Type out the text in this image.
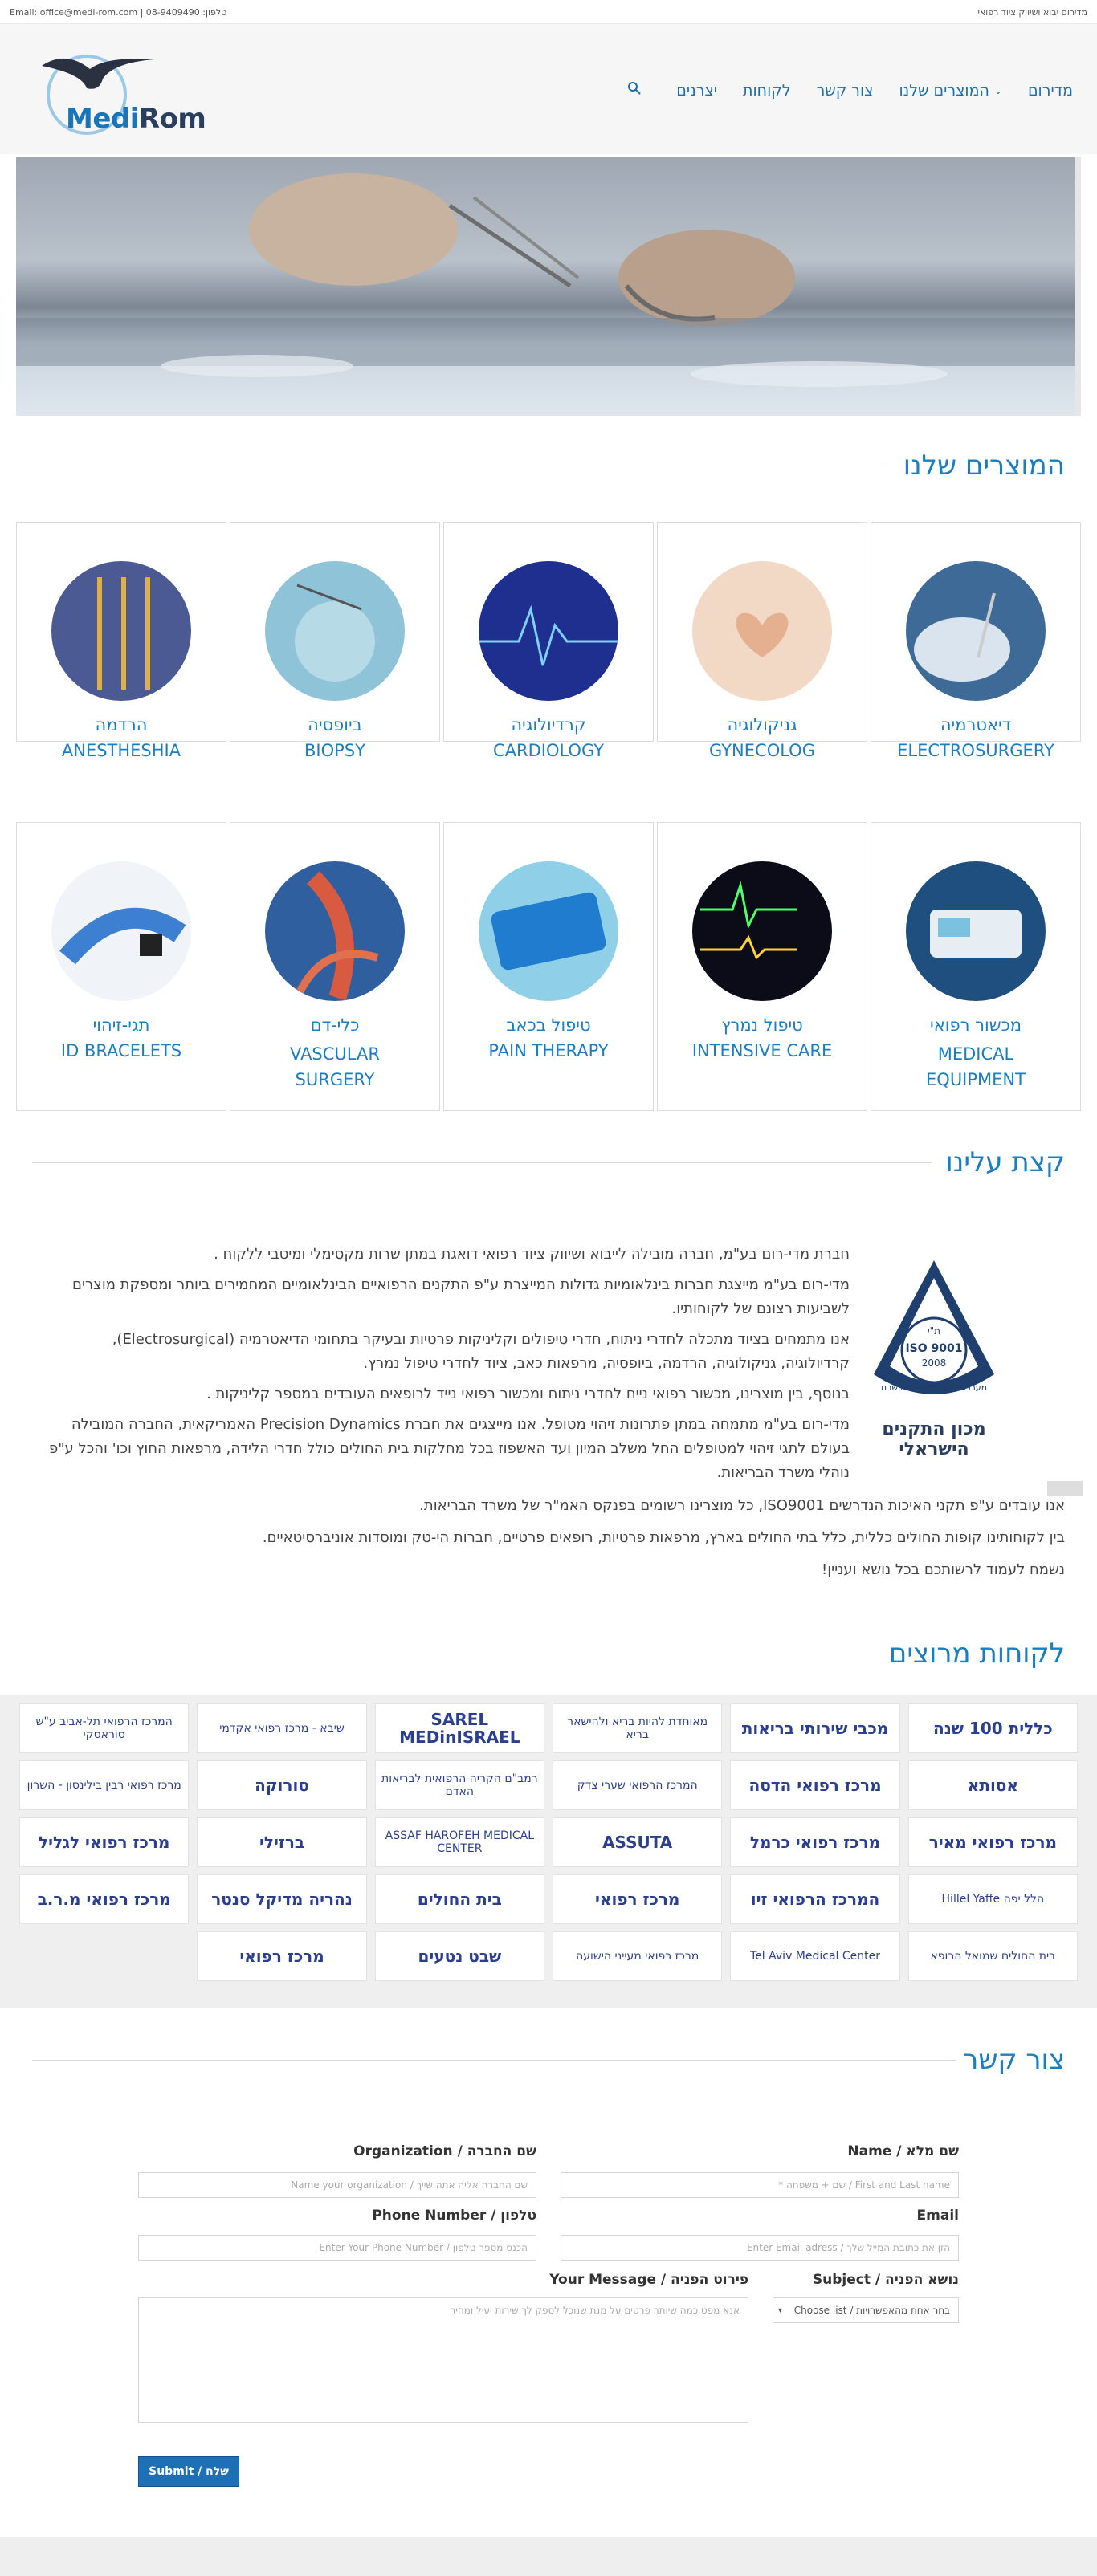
Email: office@medi-rom.com | 08-9409490 :טלפון	מדירום יבוא ושיווק ציוד רפואי
MediRom
מדירום
המוצרים שלנו ⌄
צור קשר
לקוחות
יצרנים
המוצרים שלנו
דיאטרמיה
ELECTROSURGERY
גניקולוגיה
GYNECOLOG
קרדיולוגיה
CARDIOLOGY
ביופסיה
BIOPSY
הרדמה
ANESTHESHIA
מכשור רפואי
MEDICAL EQUIPMENT
טיפול נמרץ
INTENSIVE CARE
טיפול בכאב
PAIN THERAPY
כלי-דם
VASCULAR SURGERY
תגי-זיהוי
ID BRACELETS
קצת עלינו

חברת מדי-רום בע"מ, חברה מובילה לייבוא ושיווק ציוד רפואי דואגת במתן שרות מקסימלי ומיטבי ללקוח .

מדי-רום בע"מ מייצגת חברות בינלאומיות גדולות המייצרת ע"פ התקנים הרפואיים הבינלאומיים המחמירים ביותר ומספקת מוצרים לשביעות רצונם של לקוחותיו.

אנו מתמחים בציוד מתכלה לחדרי ניתוח, חדרי טיפולים וקליניקות פרטיות ובעיקר בתחומי הדיאטרמיה (Electrosurgical), קרדיולוגיה, גניקולוגיה, הרדמה, ביופסיה, מרפאות כאב, ציוד לחדרי טיפול נמרץ.

בנוסף, בין מוצרינו, מכשור רפואי נייח לחדרי ניתוח ומכשור רפואי נייד לרופאים העובדים במספר קליניקות .

מדי-רום בע"מ מתמחה במתן פתרונות זיהוי מטופל. אנו מייצגים את חברת Precision Dynamics האמריקאית, החברה המובילה בעולם לתגי זיהוי למטופלים החל משלב המיון ועד האשפוז בכל מחלקות בית החולים כולל חדרי הלידה, מרפאות החוץ וכו' והכל ע"פ נוהלי משרד הבריאות.

ת"י
ISO 9001
2008
מערכת ניהול איכות מאושרת
מכון התקנים הישראלי

אנו עובדים ע"פ תקני האיכות הנדרשים ISO9001, כל מוצרינו רשומים בפנקס האמ"ר של משרד הבריאות.

בין לקוחותינו קופות החולים כללית, כלל בתי החולים בארץ, מרפאות פרטיות, רופאים פרטיים, חברות הי-טק ומוסדות אוניברסיטאיים.

נשמח לעמוד לרשותכם בכל נושא ועניין!

לקוחות מרוצים
כללית 100 שנה
מכבי שירותי בריאות
מאוחדת להיות בריא ולהישאר בריא
SAREL MEDinISRAEL
שיבא - מרכז רפואי אקדמי
המרכז הרפואי תל-אביב ע"ש סוראסקי
אסותא
מרכז רפואי הדסה
המרכז הרפואי שערי צדק
רמב"ם הקריה הרפואית לבריאות האדם
סורוקה
מרכז רפואי רבין בילינסון - השרון
מרכז רפואי מאיר
מרכז רפואי כרמל
ASSUTA
ASSAF HAROFEH MEDICAL CENTER
ברזילי
מרכז רפואי לגליל
הלל יפה Hillel Yaffe
המרכז הרפואי זיו
מרכז רפואי
בית החולים
נהריה מדיקל סנטר
מרכז רפואי מ.ר.ב
בית החולים שמואל הרופא
Tel Aviv Medical Center
מרכז רפואי מעייני הישועה
שבט נטעים
מרכז רפואי
צור קשר
שם מלא / Name
First and Last name / שם + משפחה *
שם החברה / Organization
שם החברה אליה אתה שייך / Name your organization
Email
הזן את כתובת המייל שלך / Enter Email adress
טלפון / Phone Number
הכנס מספר טלפון / Enter Your Phone Number
נושא הפניה / Subject
בחר אחת מהאפשרויות / Choose list
▾
פירוט הפניה / Your Message
אנא מפט כמה שיותר פרטים על מנת שנוכל לספק לך שירות יעיל ומהיר
Submit / שלח
